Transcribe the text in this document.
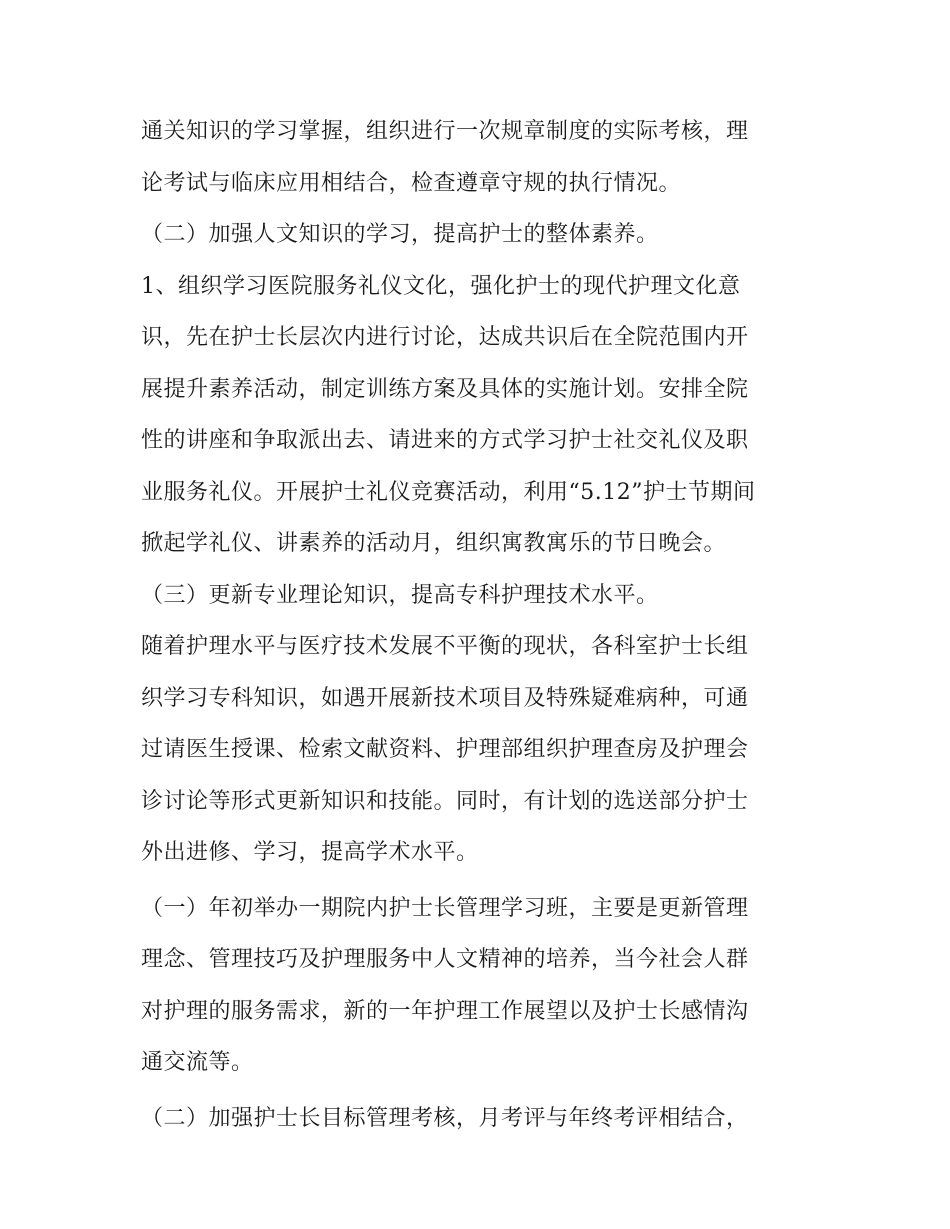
通关知识的学习掌握，组织进行一次规章制度的实际考核，理
论考试与临床应用相结合，检查遵章守规的执行情况。
（二）加强人文知识的学习，提高护士的整体素养。
1、组织学习医院服务礼仪文化，强化护士的现代护理文化意
识，先在护士长层次内进行讨论，达成共识后在全院范围内开
展提升素养活动，制定训练方案及具体的实施计划。安排全院
性的讲座和争取派出去、请进来的方式学习护士社交礼仪及职
业服务礼仪。开展护士礼仪竞赛活动，利用“5.12”护士节期间
掀起学礼仪、讲素养的活动月，组织寓教寓乐的节日晚会。
（三）更新专业理论知识，提高专科护理技术水平。
随着护理水平与医疗技术发展不平衡的现状，各科室护士长组
织学习专科知识，如遇开展新技术项目及特殊疑难病种，可通
过请医生授课、检索文献资料、护理部组织护理查房及护理会
诊讨论等形式更新知识和技能。同时，有计划的选送部分护士
外出进修、学习，提高学术水平。
（一）年初举办一期院内护士长管理学习班，主要是更新管理
理念、管理技巧及护理服务中人文精神的培养，当今社会人群
对护理的服务需求，新的一年护理工作展望以及护士长感情沟
通交流等。
（二）加强护士长目标管理考核，月考评与年终考评相结合，
